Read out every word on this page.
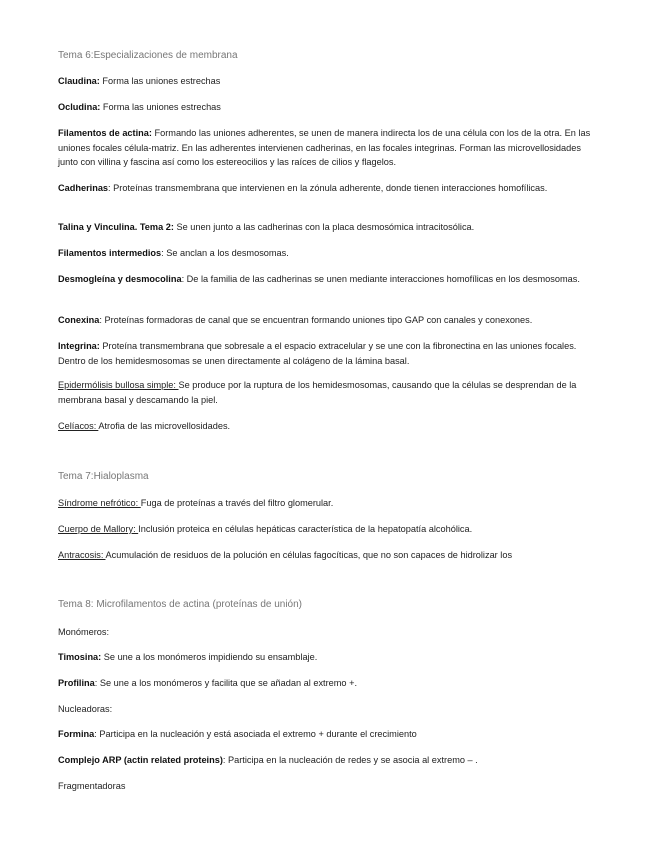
Tema 6:Especializaciones de membrana
Claudina: Forma las uniones estrechas
Ocludina: Forma las uniones estrechas
Filamentos de actina: Formando las uniones adherentes, se unen de manera indirecta los de una célula con los de la otra. En las uniones focales célula-matriz. En las adherentes intervienen cadherinas, en las focales integrinas. Forman las microvellosidades junto con villina y fascina así como los estereocilios y las raíces de cilios y flagelos.
Cadherinas: Proteínas transmembrana que intervienen en la zónula adherente, donde tienen interacciones homofílicas.
Talina y Vinculina. Tema 2: Se unen junto a las cadherinas con la placa desmosómica intracitosólica.
Filamentos intermedios: Se anclan a los desmosomas.
Desmogleína y desmocolina: De la familia de las cadherinas se unen mediante interacciones homofílicas en los desmosomas.
Conexina: Proteínas formadoras de canal que se encuentran formando uniones tipo GAP con canales y conexones.
Integrina: Proteína transmembrana que sobresale a el espacio extracelular y se une con la fibronectina en las uniones focales. Dentro de los hemidesmosomas se unen directamente al colágeno de la lámina basal.
Epidermólisis bullosa simple: Se produce por la ruptura de los hemidesmosomas, causando que la células se desprendan de la membrana basal y descamando la piel.
Celíacos: Atrofia de las microvellosidades.
Tema 7:Hialoplasma
Síndrome nefrótico: Fuga de proteínas a través del filtro glomerular.
Cuerpo de Mallory: Inclusión proteica en células hepáticas característica de la hepatopatía alcohólica.
Antracosis: Acumulación de residuos de la polución en células fagocíticas, que no son capaces de hidrolizar los
Tema 8: Microfilamentos de actina (proteínas de unión)
Monómeros:
Timosina: Se une a los monómeros impidiendo su ensamblaje.
Profilina: Se une a los monómeros y facilita que se añadan al extremo +.
Nucleadoras:
Formina: Participa en la nucleación y está asociada el extremo + durante el crecimiento
Complejo ARP (actin related proteins): Participa en la nucleación de redes y se asocia al extremo – .
Fragmentadoras
